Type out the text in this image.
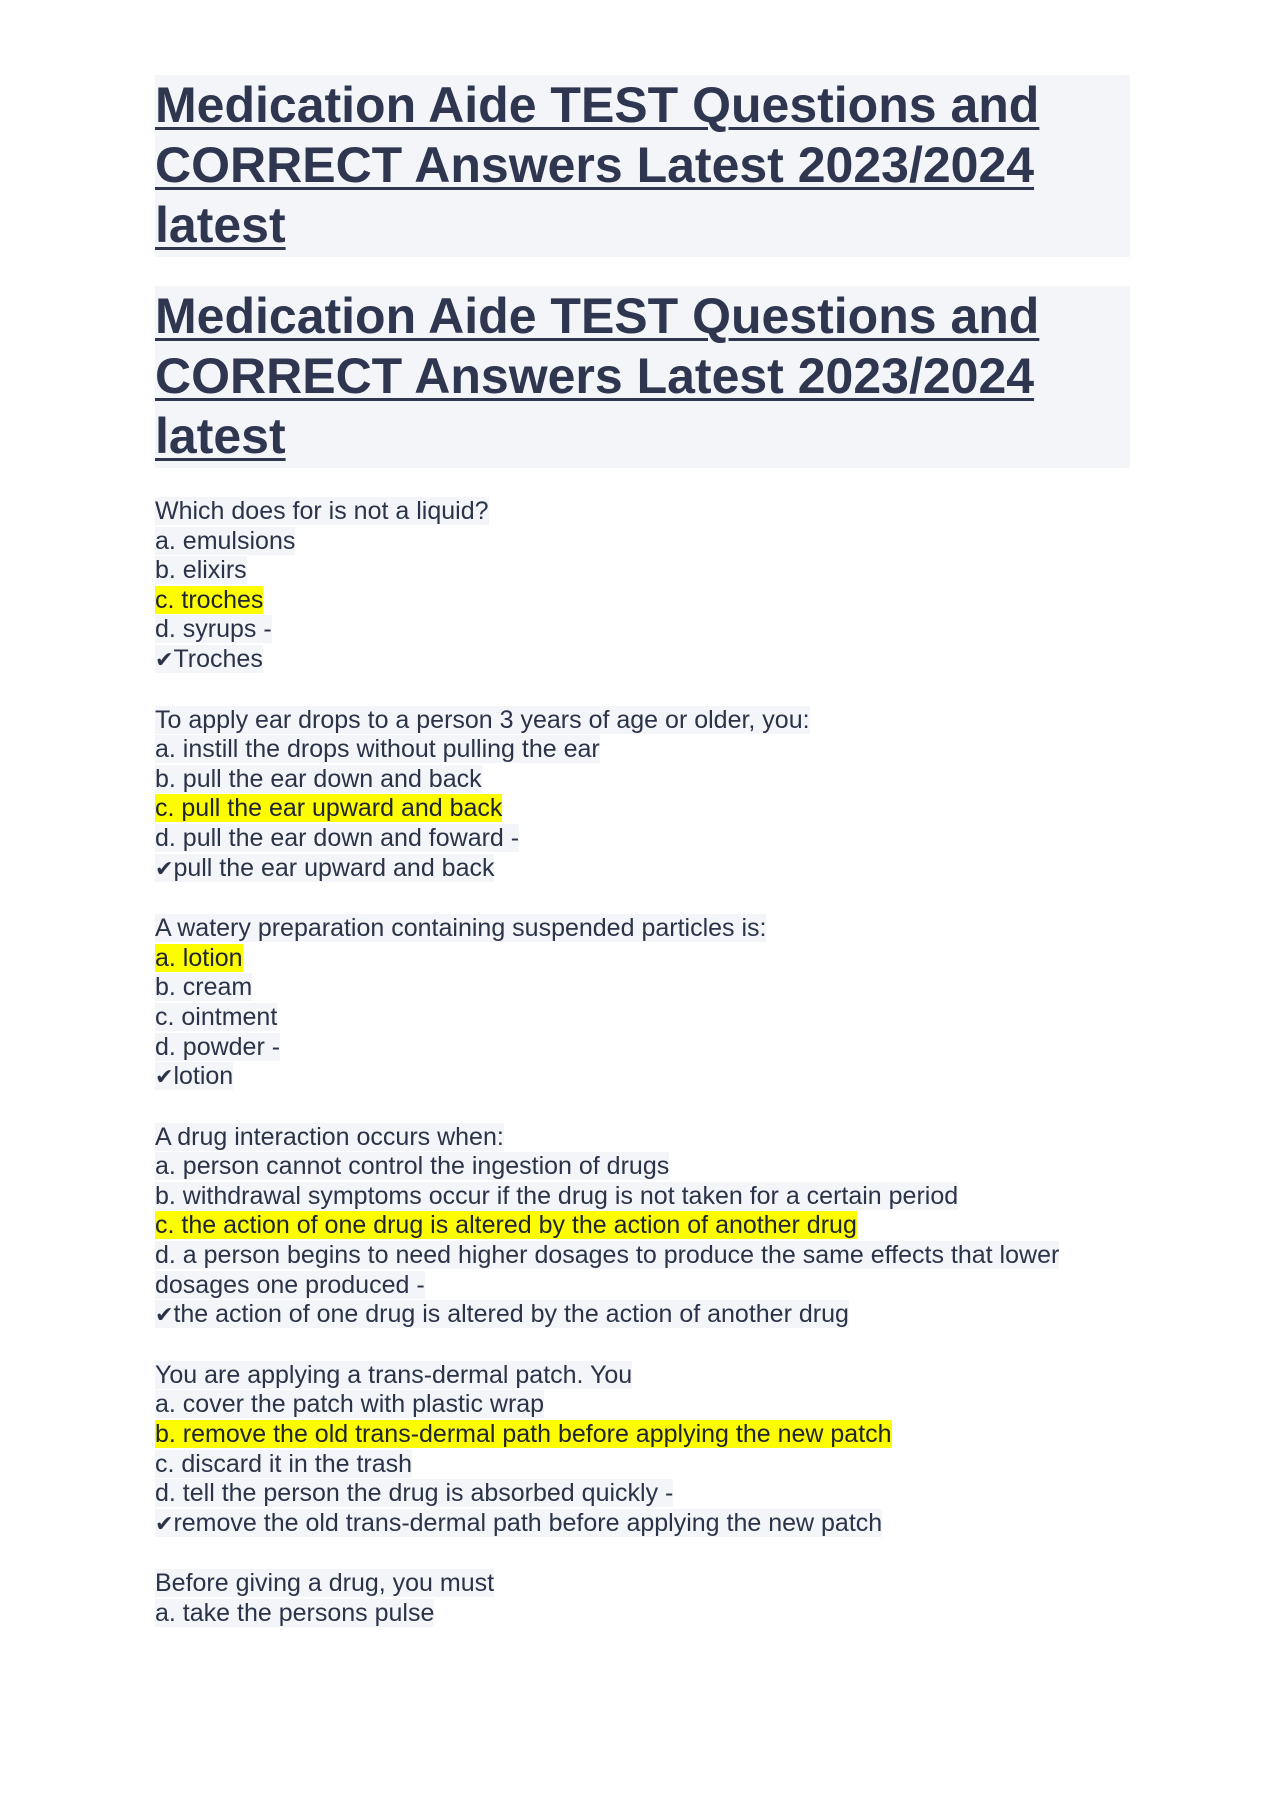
Medication Aide TEST Questions and CORRECT Answers Latest 2023/2024 latest
Medication Aide TEST Questions and CORRECT Answers Latest 2023/2024 latest
Which does for is not a liquid?
a. emulsions
b. elixirs
c. troches
d. syrups -
✔Troches
To apply ear drops to a person 3 years of age or older, you:
a. instill the drops without pulling the ear
b. pull the ear down and back
c. pull the ear upward and back
d. pull the ear down and foward -
✔pull the ear upward and back
A watery preparation containing suspended particles is:
a. lotion
b. cream
c. ointment
d. powder -
✔lotion
A drug interaction occurs when:
a. person cannot control the ingestion of drugs
b. withdrawal symptoms occur if the drug is not taken for a certain period
c. the action of one drug is altered by the action of another drug
d. a person begins to need higher dosages to produce the same effects that lower dosages one produced -
✔the action of one drug is altered by the action of another drug
You are applying a trans-dermal patch. You
a. cover the patch with plastic wrap
b. remove the old trans-dermal path before applying the new patch
c. discard it in the trash
d. tell the person the drug is absorbed quickly -
✔remove the old trans-dermal path before applying the new patch
Before giving a drug, you must
a. take the persons pulse
